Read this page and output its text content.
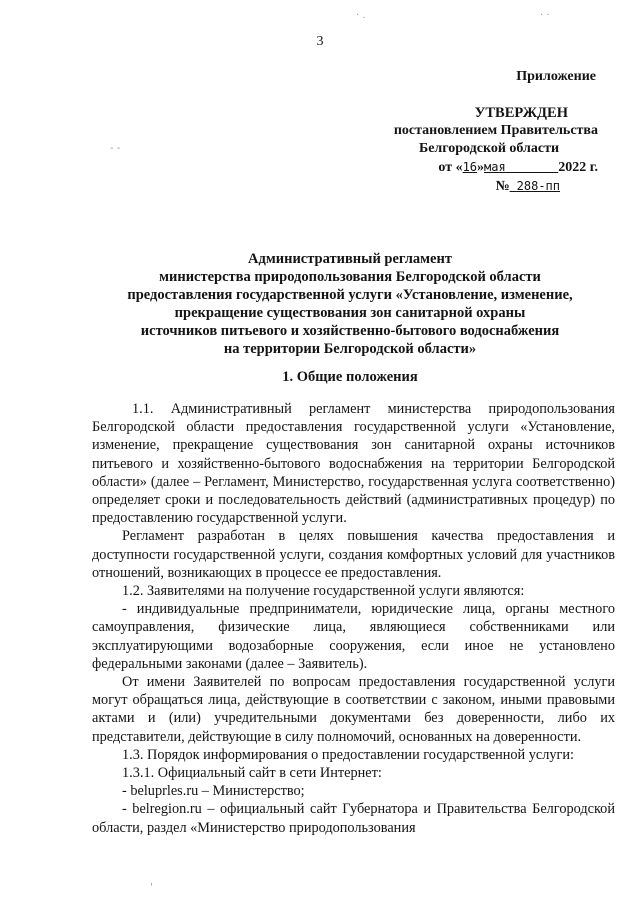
3
Приложение
УТВЕРЖДЕН
постановлением Правительства
Белгородской области
от «16»мая	2022 г.
№ 288-пп
Административный регламент
министерства природопользования Белгородской области
предоставления государственной услуги «Установление, изменение,
прекращение существования зон санитарной охраны
источников питьевого и хозяйственно-бытового водоснабжения
на территории Белгородской области»
1. Общие положения

1.1. Административный регламент министерства природопользования Белгородской области предоставления государственной услуги «Установление, изменение, прекращение существования зон санитарной охраны источников питьевого и хозяйственно-бытового водоснабжения на территории Белгородской области» (далее – Регламент, Министерство, государственная услуга соответственно) определяет сроки и последовательность действий (административных процедур) по предоставлению государственной услуги.

Регламент разработан в целях повышения качества предоставления и доступности государственной услуги, создания комфортных условий для участников отношений, возникающих в процессе ее предоставления.

1.2. Заявителями на получение государственной услуги являются:

- индивидуальные предприниматели, юридические лица, органы местного самоуправления, физические лица, являющиеся собственниками или эксплуатирующими водозаборные сооружения, если иное не установлено федеральными законами (далее – Заявитель).

От имени Заявителей по вопросам предоставления государственной услуги могут обращаться лица, действующие в соответствии с законом, иными правовыми актами и (или) учредительными документами без доверенности, либо их представители, действующие в силу полномочий, основанных на доверенности.

1.3. Порядок информирования о предоставлении государственной услуги:

1.3.1. Официальный сайт в сети Интернет:

- beluprles.ru – Министерство;

- belregion.ru – официальный сайт Губернатора и Правительства Белгородской области, раздел «Министерство природопользования

· .	· ·
- -
'
